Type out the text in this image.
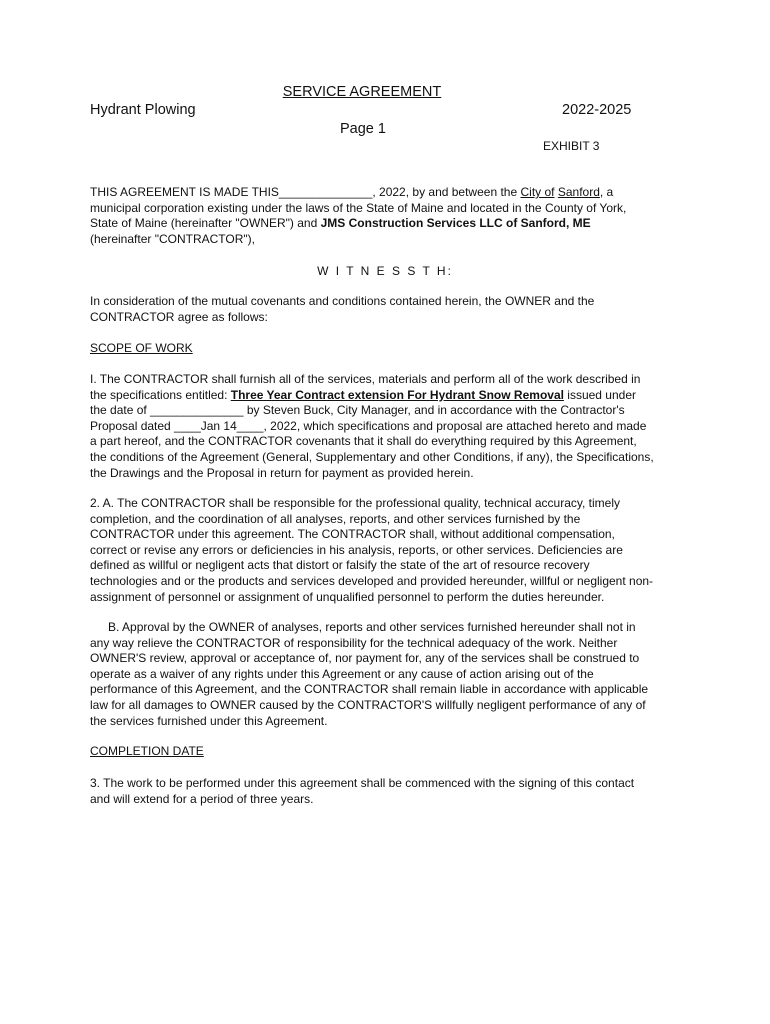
SERVICE AGREEMENT
Hydrant Plowing	2022-2025
Page 1
EXHIBIT 3
THIS AGREEMENT IS MADE THIS______________, 2022, by and between the City of Sanford, a
municipal corporation existing under the laws of the State of Maine and located in the County of York,
State of Maine (hereinafter "OWNER") and JMS Construction Services LLC of Sanford, ME
(hereinafter "CONTRACTOR"),
W I T N E S S T H:
In consideration of the mutual covenants and conditions contained herein, the OWNER and the
CONTRACTOR agree as follows:
SCOPE OF WORK
I. The CONTRACTOR shall furnish all of the services, materials and perform all of the work described in
the specifications entitled: Three Year Contract extension For Hydrant Snow Removal issued under
the date of ______________ by Steven Buck, City Manager, and in accordance with the Contractor's
Proposal dated ____Jan 14____, 2022, which specifications and proposal are attached hereto and made
a part hereof, and the CONTRACTOR covenants that it shall do everything required by this Agreement,
the conditions of the Agreement (General, Supplementary and other Conditions, if any), the Specifications,
the Drawings and the Proposal in return for payment as provided herein.
2. A. The CONTRACTOR shall be responsible for the professional quality, technical accuracy, timely
completion, and the coordination of all analyses, reports, and other services furnished by the
CONTRACTOR under this agreement. The CONTRACTOR shall, without additional compensation,
correct or revise any errors or deficiencies in his analysis, reports, or other services. Deficiencies are
defined as willful or negligent acts that distort or falsify the state of the art of resource recovery
technologies and or the products and services developed and provided hereunder, willful or negligent non-
assignment of personnel or assignment of unqualified personnel to perform the duties hereunder.
B. Approval by the OWNER of analyses, reports and other services furnished hereunder shall not in
any way relieve the CONTRACTOR of responsibility for the technical adequacy of the work. Neither
OWNER'S review, approval or acceptance of, nor payment for, any of the services shall be construed to
operate as a waiver of any rights under this Agreement or any cause of action arising out of the
performance of this Agreement, and the CONTRACTOR shall remain liable in accordance with applicable
law for all damages to OWNER caused by the CONTRACTOR'S willfully negligent performance of any of
the services furnished under this Agreement.
COMPLETION DATE
3. The work to be performed under this agreement shall be commenced with the signing of this contact
and will extend for a period of three years.
